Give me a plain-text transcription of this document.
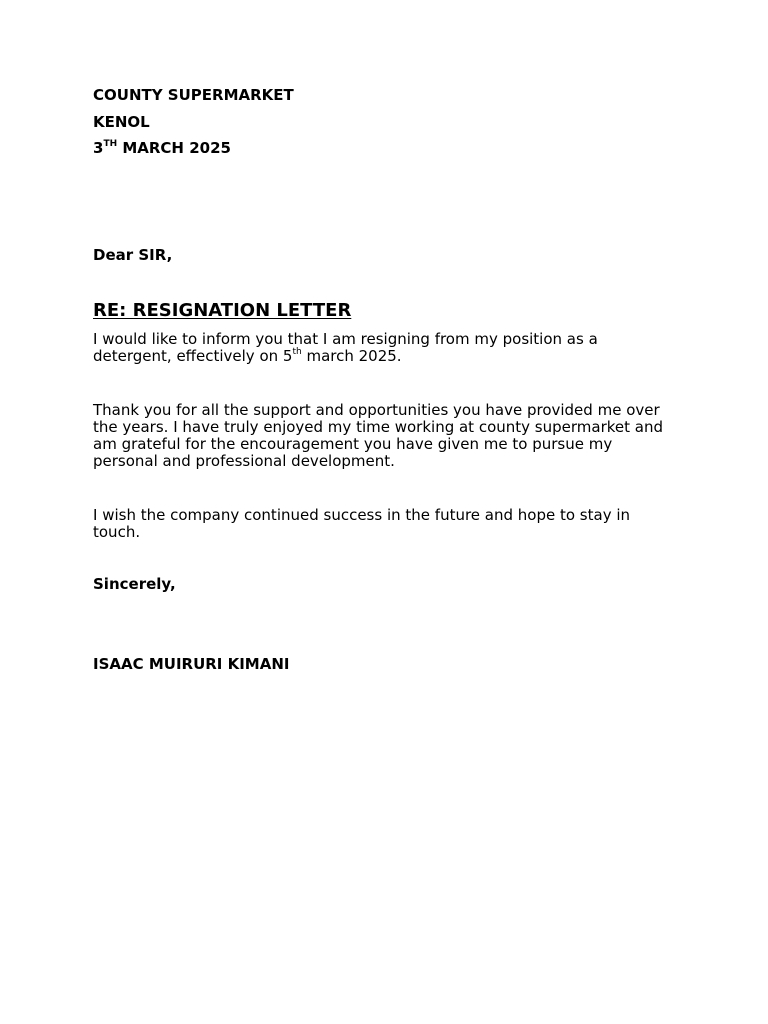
COUNTY SUPERMARKET
KENOL
3TH MARCH 2025
Dear SIR,
RE: RESIGNATION LETTER

I would like to inform you that I am resigning from my position as a detergent, effectively on 5th march 2025.

Thank you for all the support and opportunities you have provided me over the years. I have truly enjoyed my time working at county supermarket and am grateful for the encouragement you have given me to pursue my personal and professional development.

I wish the company continued success in the future and hope to stay in touch.

Sincerely,
ISAAC MUIRURI KIMANI
